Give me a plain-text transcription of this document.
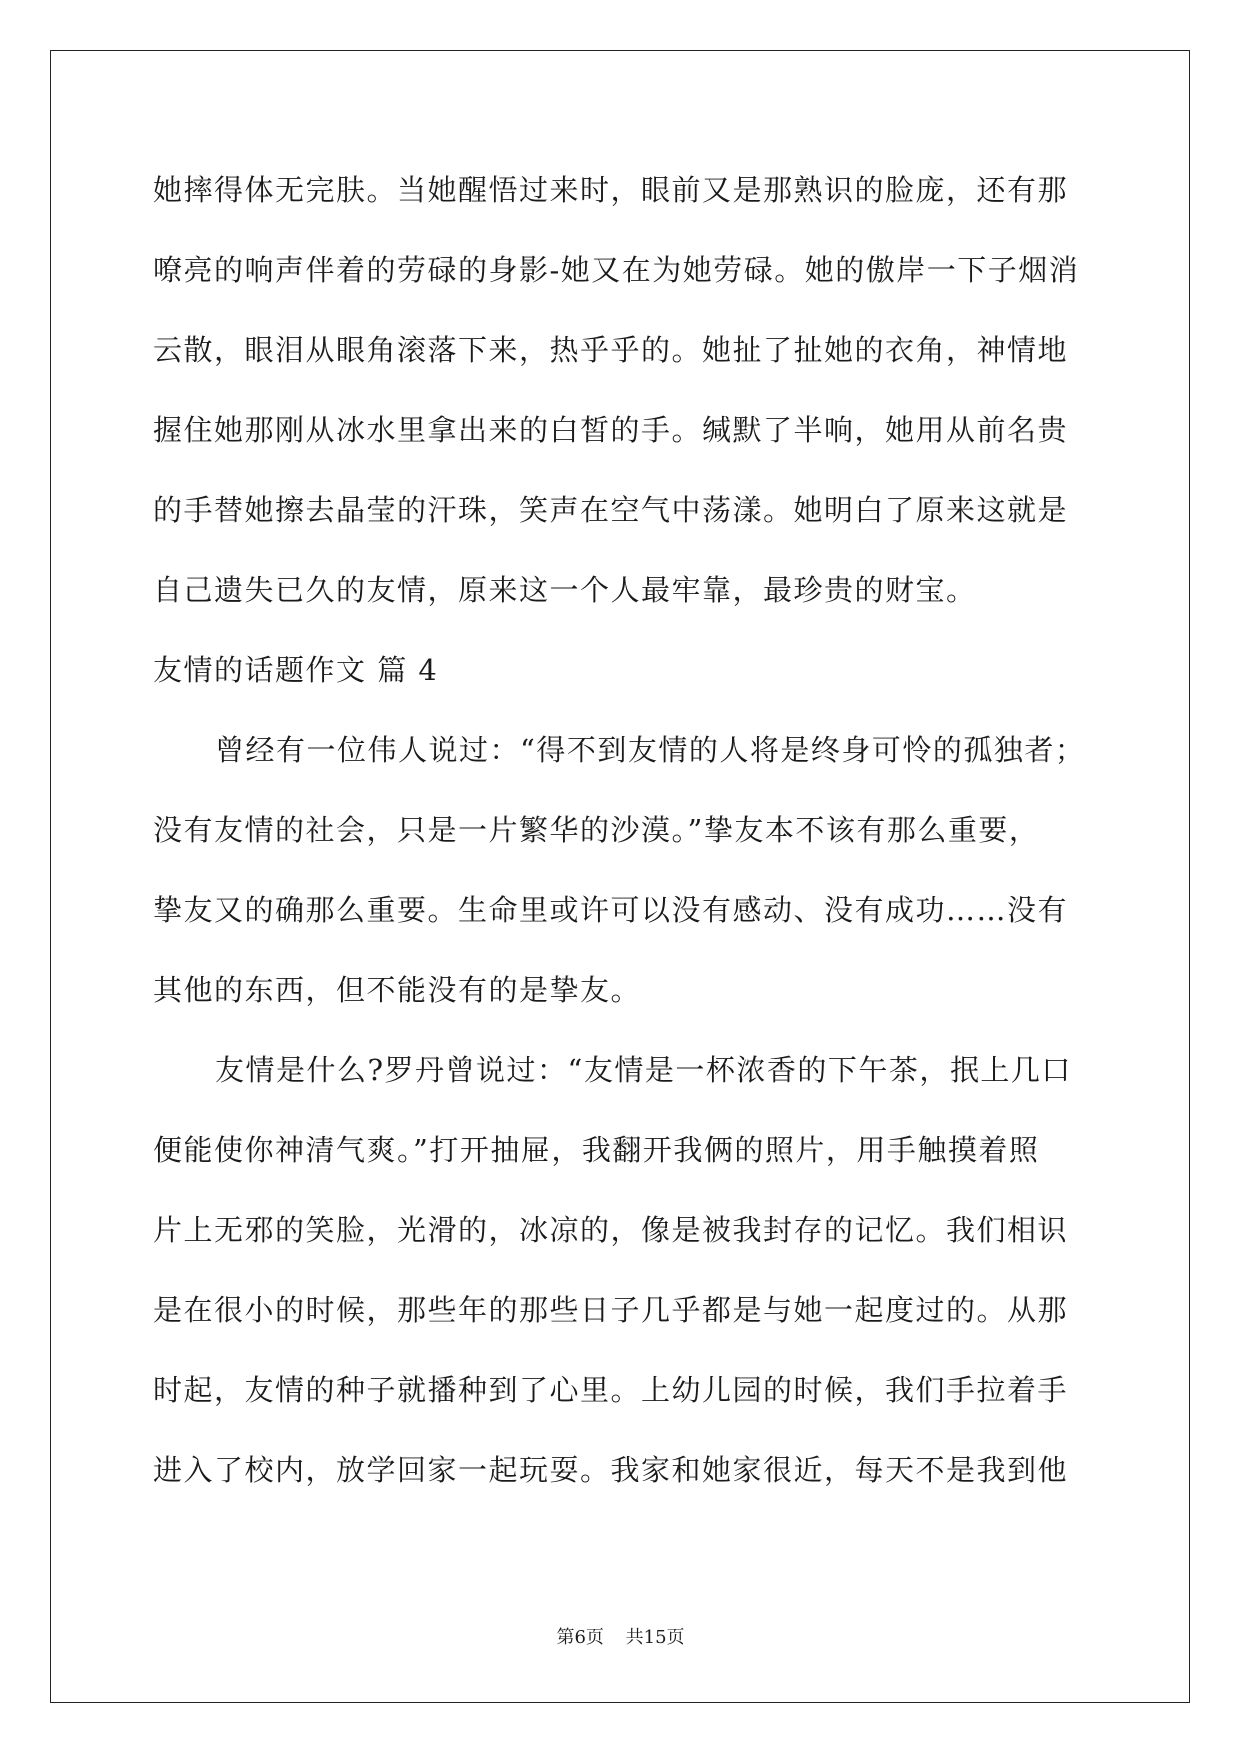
她摔得体无完肤。当她醒悟过来时，眼前又是那熟识的脸庞，还有那
嘹亮的响声伴着的劳碌的身影-她又在为她劳碌。她的傲岸一下子烟消
云散，眼泪从眼角滚落下来，热乎乎的。她扯了扯她的衣角，神情地
握住她那刚从冰水里拿出来的白皙的手。缄默了半响，她用从前名贵
的手替她擦去晶莹的汗珠，笑声在空气中荡漾。她明白了原来这就是
自己遗失已久的友情，原来这一个人最牢靠，最珍贵的财宝。
友情的话题作文 篇 4
曾经有一位伟人说过：“得不到友情的人将是终身可怜的孤独者；
没有友情的社会，只是一片繁华的沙漠。”挚友本不该有那么重要，
挚友又的确那么重要。生命里或许可以没有感动、没有成功……没有
其他的东西，但不能没有的是挚友。
友情是什么?罗丹曾说过：“友情是一杯浓香的下午茶，抿上几口
便能使你神清气爽。”打开抽屉，我翻开我俩的照片，用手触摸着照
片上无邪的笑脸，光滑的，冰凉的，像是被我封存的记忆。我们相识
是在很小的时候，那些年的那些日子几乎都是与她一起度过的。从那
时起，友情的种子就播种到了心里。上幼儿园的时候，我们手拉着手
进入了校内，放学回家一起玩耍。我家和她家很近，每天不是我到他
第6页 共15页
